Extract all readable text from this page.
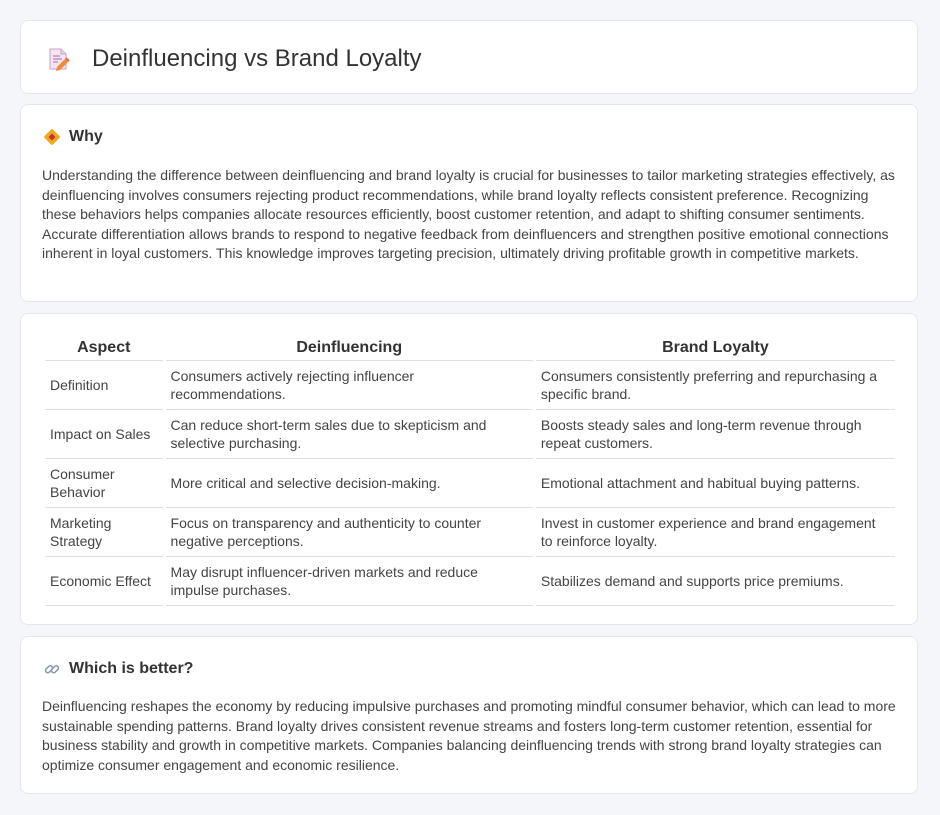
Deinfluencing vs Brand Loyalty
Why

Understanding the difference between deinfluencing and brand loyalty is crucial for businesses to tailor marketing strategies effectively, as deinfluencing involves consumers rejecting product recommendations, while brand loyalty reflects consistent preference. Recognizing these behaviors helps companies allocate resources efficiently, boost customer retention, and adapt to shifting consumer sentiments. Accurate differentiation allows brands to respond to negative feedback from deinfluencers and strengthen positive emotional connections inherent in loyal customers. This knowledge improves targeting precision, ultimately driving profitable growth in competitive markets.

Aspect	Deinfluencing	Brand Loyalty
Definition	Consumers actively rejecting influencer recommendations.	Consumers consistently preferring and repurchasing a specific brand.
Impact on Sales	Can reduce short-term sales due to skepticism and selective purchasing.	Boosts steady sales and long-term revenue through repeat customers.
Consumer Behavior	More critical and selective decision-making.	Emotional attachment and habitual buying patterns.
Marketing Strategy	Focus on transparency and authenticity to counter negative perceptions.	Invest in customer experience and brand engagement to reinforce loyalty.
Economic Effect	May disrupt influencer-driven markets and reduce impulse purchases.	Stabilizes demand and supports price premiums.
Which is better?

Deinfluencing reshapes the economy by reducing impulsive purchases and promoting mindful consumer behavior, which can lead to more sustainable spending patterns. Brand loyalty drives consistent revenue streams and fosters long-term customer retention, essential for business stability and growth in competitive markets. Companies balancing deinfluencing trends with strong brand loyalty strategies can optimize consumer engagement and economic resilience.
